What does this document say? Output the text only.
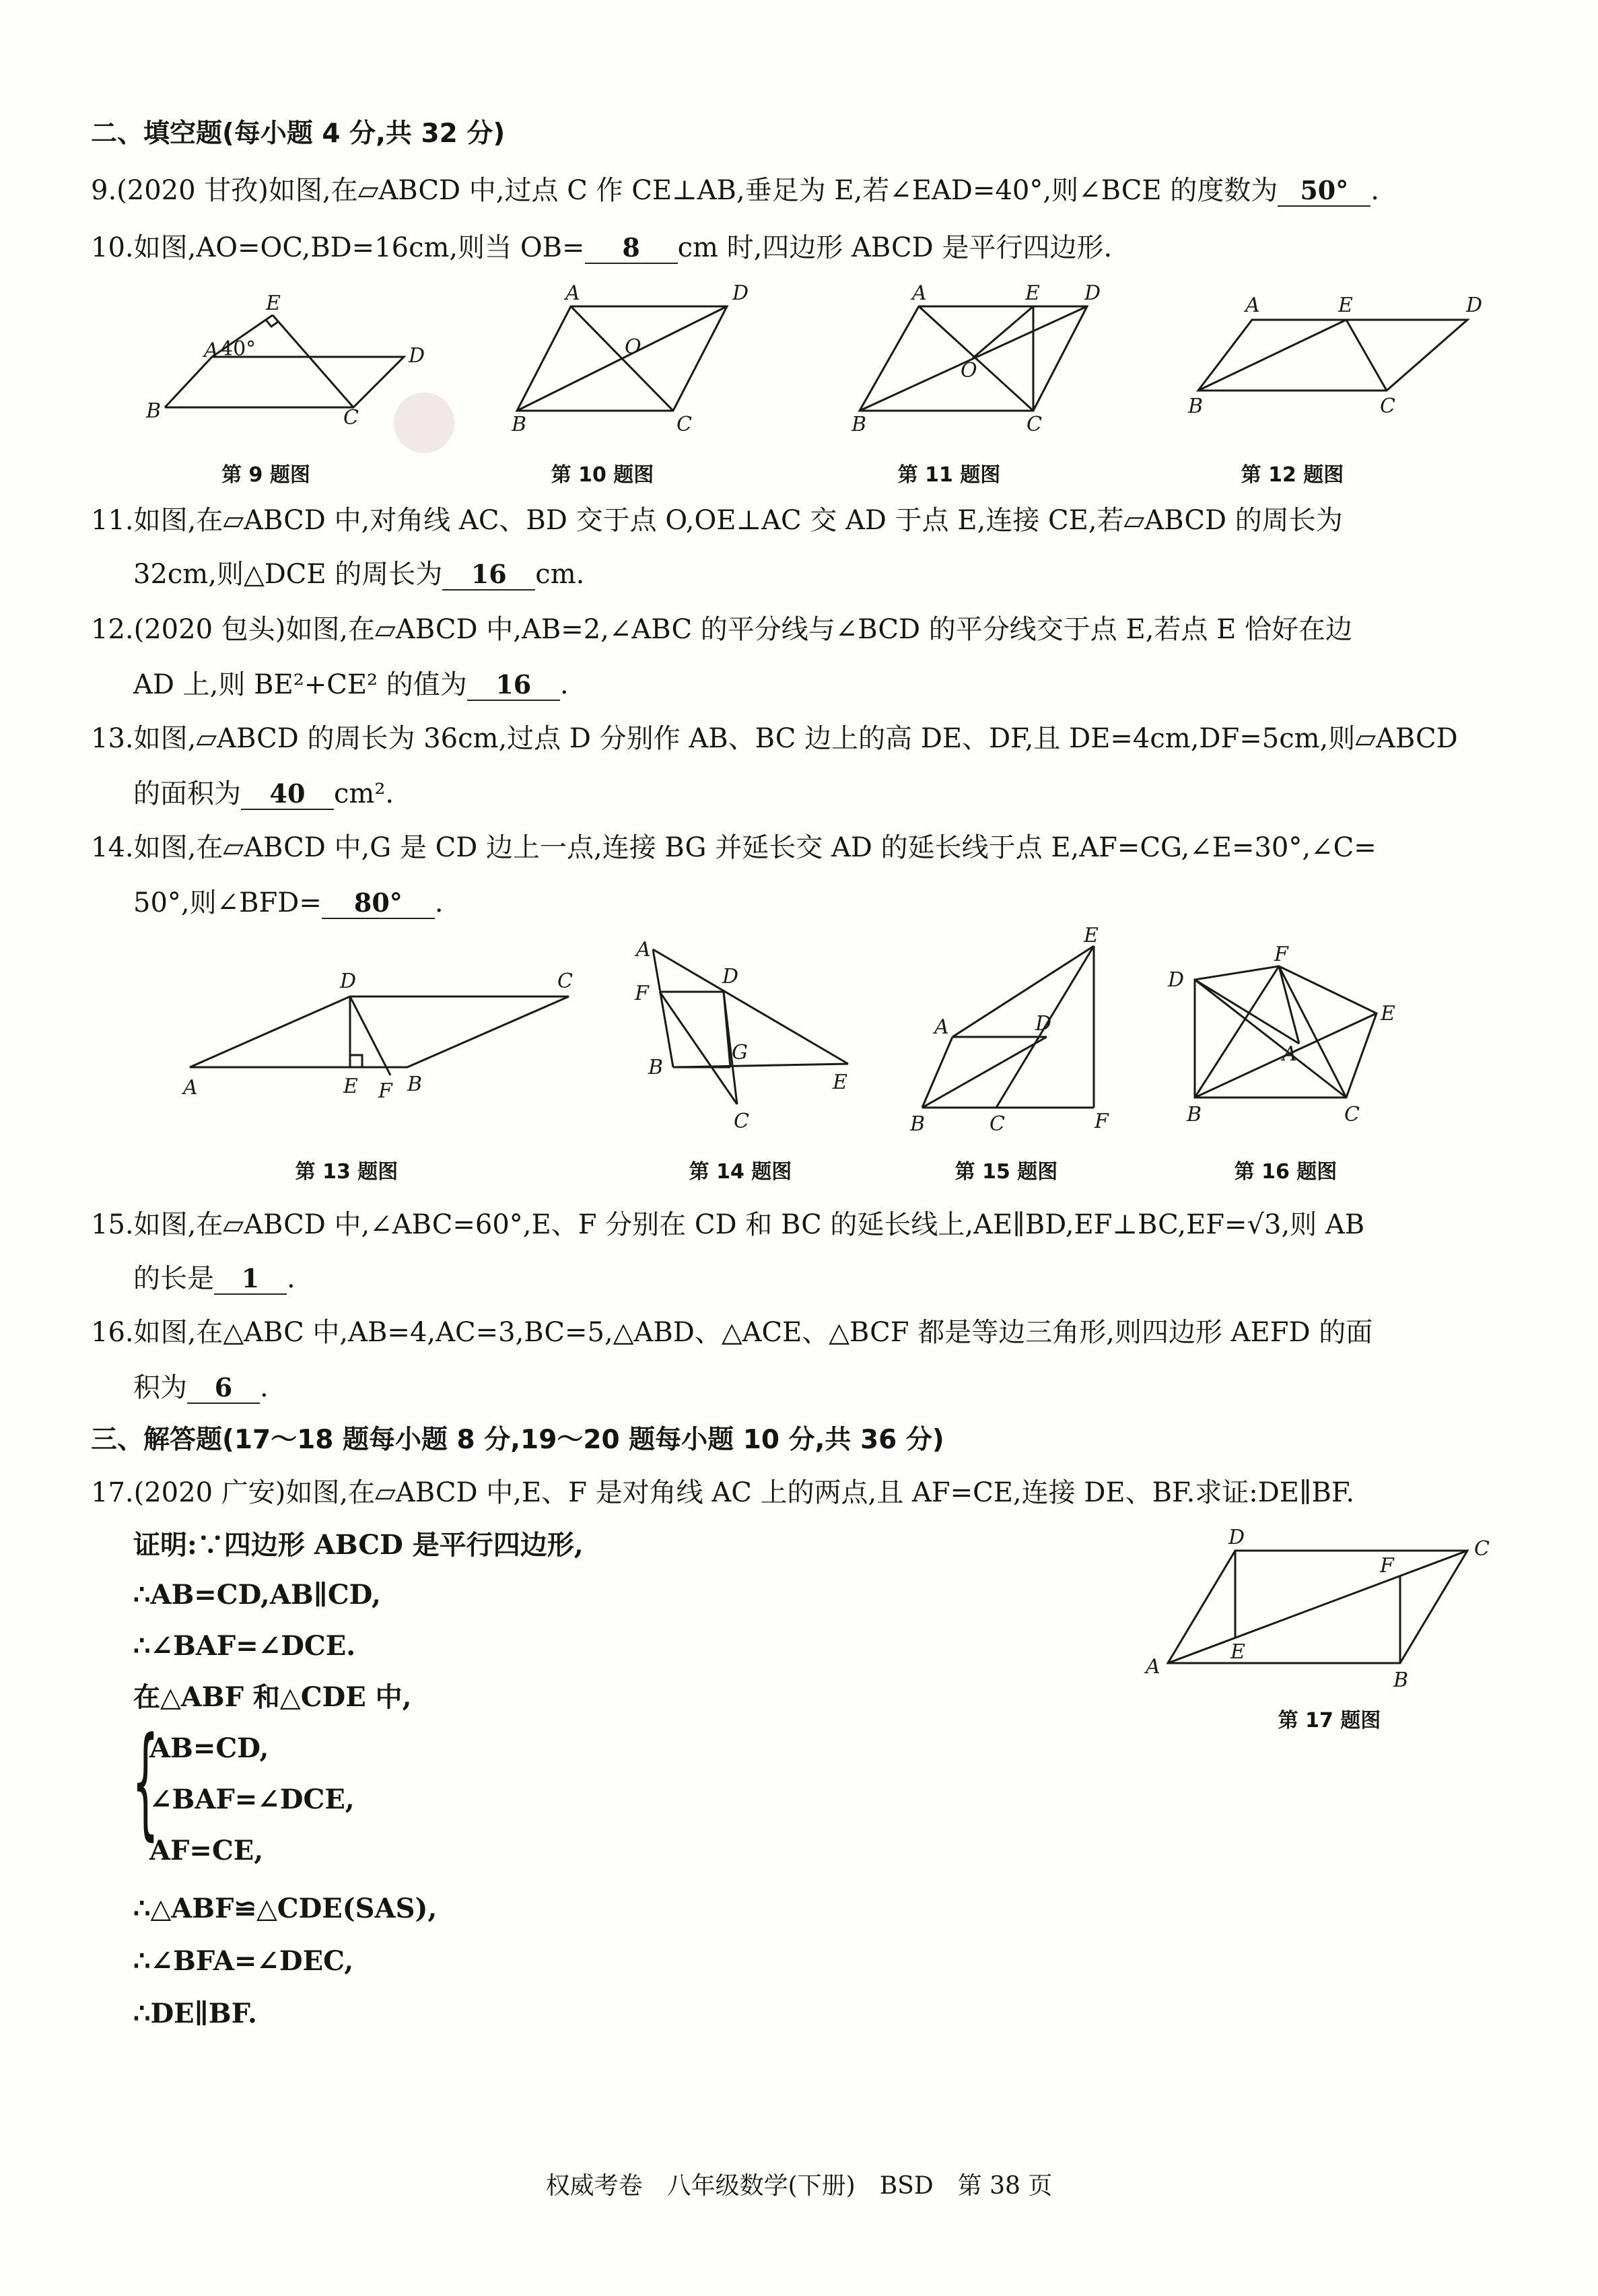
二、填空题(每小题 4 分,共 32 分)
9.(2020 甘孜)如图,在▱ABCD 中,过点 C 作 CE⊥AB,垂足为 E,若∠EAD=40°,则∠BCE 的度数为 50° .
10.如图,AO=OC,BD=16cm,则当 OB= 8 cm 时,四边形 ABCD 是平行四边形.
E
A 40°	D
B	C
A	D
O
B	C
A	E D
O
B	C
A	E	D
B	C
第 9 题图	第 10 题图	第 11 题图	第 12 题图
11.如图,在▱ABCD 中,对角线 AC、BD 交于点 O,OE⊥AC 交 AD 于点 E,连接 CE,若▱ABCD 的周长为
32cm,则△DCE 的周长为 16 cm.
12.(2020 包头)如图,在▱ABCD 中,AB=2,∠ABC 的平分线与∠BCD 的平分线交于点 E,若点 E 恰好在边
AD 上,则 BE²+CE² 的值为 16 .
13.如图,▱ABCD 的周长为 36cm,过点 D 分别作 AB、BC 边上的高 DE、DF,且 DE=4cm,DF=5cm,则▱ABCD
的面积为 40 cm².
14.如图,在▱ABCD 中,G 是 CD 边上一点,连接 BG 并延长交 AD 的延长线于点 E,AF=CG,∠E=30°,∠C=
50°,则∠BFD= 80° .
D	C
A	E F B
A
F
D
G
B
C
E
E
A	D
B	C	F
F
D
E
A
B	C
第 13 题图	第 14 题图	第 15 题图	第 16 题图
15.如图,在▱ABCD 中,∠ABC=60°,E、F 分别在 CD 和 BC 的延长线上,AE∥BD,EF⊥BC,EF=√3,则 AB
的长是 1 .
16.如图,在△ABC 中,AB=4,AC=3,BC=5,△ABD、△ACE、△BCF 都是等边三角形,则四边形 AEFD 的面
积为 6 .
三、解答题(17～18 题每小题 8 分,19～20 题每小题 10 分,共 36 分)
17.(2020 广安)如图,在▱ABCD 中,E、F 是对角线 AC 上的两点,且 AF=CE,连接 DE、BF.求证:DE∥BF.
证明:∵四边形 ABCD 是平行四边形,
∴AB=CD,AB∥CD,
∴∠BAF=∠DCE.
在△ABF 和△CDE 中,
{
AB=CD,
∠BAF=∠DCE,
AF=CE,
∴△ABF≌△CDE(SAS),
∴∠BFA=∠DEC,
∴DE∥BF.
D	C
F
E
A
B
第 17 题图
权威考卷　八年级数学(下册)　BSD　第 38 页
